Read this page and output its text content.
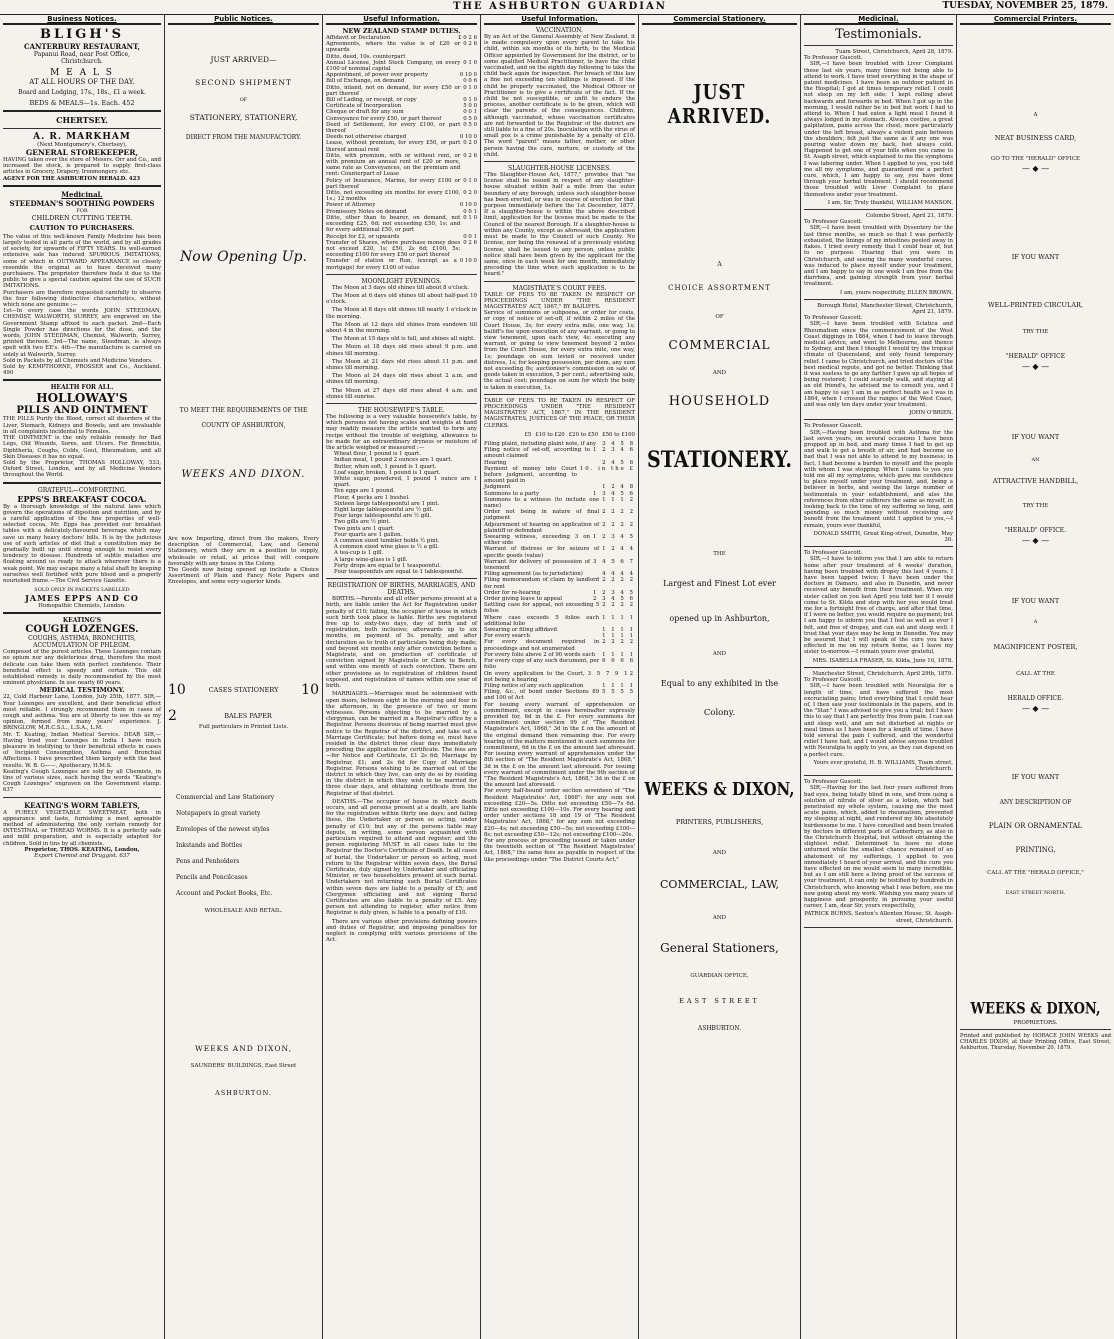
THE ASHBURTON GUARDIAN	TUESDAY, NOVEMBER 25, 1879.
Business Notices.
BLIGH'S
CANTERBURY RESTAURANT,
Papanui Road, near Post Office,
Christchurch.
M E A L S
AT ALL HOURS OF THE DAY.
Board and Lodging, 17s., 18s., £1 a week.
BEDS & MEALS—1s. Each. 452
CHERTSEY.
A. R. MARKHAM
(Next Montgomery's, Chertsey),
GENERAL STOREKEEPER,
HAVING taken over the store of Messrs. Orr and Co., and increased the stock, is prepared to supply first-class articles in Grocery, Drapery, Ironmongery. etc.
AGENT FOR THE ASHBURTON HERALD. 423
Medicinal.
STEEDMAN'S SOOTHING POWDERS
FOR
CHILDREN CUTTING TEETH.
CAUTION TO PURCHASERS.
The value of this well-known Family Medicine has been largely tested in all parts of the world, and by all grades of society, for upwards of FIFTY YEARS. Its well-earned extensive sale has induced SPURIOUS IMITATIONS, some of which in OUTWARD APPEARANCE so closely resemble the original as to have deceived many purchasers. The proprietor therefore feels it due to the public to give a special caution against the use of SUCH IMITATIONS.
Purchasers are therefore requested carefully to observe the four following distinctive characteristics, without which none are genuine :—
1st—In every case the words JOHN STEEDMAN, CHEMIST, WALWORTH, SURREY, are engraved on the Government Stamp affixed to each packet. 2nd—Each Single Powder has directions for the dose, and the words, JOHN STEEDMAN, Chemist, Walworth, Surrey, printed thereon. 3rd—The name, Steedman, is always spelt with two EE's. 4th—The manufacture is carried on solely at Walworth, Surrey.
Sold in Packets by all Chemists and Medicine Vendors.
Sold by KEMPTHORNE, PROSSER and Co., Auckland. 490
HEALTH FOR ALL.
HOLLOWAY'S
PILLS AND OINTMENT
THE PILLS Purify the Blood, correct all disorders of the Liver, Stomach, Kidneys and Bowels, and are invaluable in all complaints incidental to Females.
THE OINTMENT is the only reliable remedy for Bad Legs, Old Wounds, Sores, and Ulcers. For Bronchitis, Diphtheria, Coughs, Colds, Gout, Rheumatism, and all Skin Diseases it has no equal.
Sold by the Proprietor, THOMAS HOLLOWAY, 533, Oxford Street, London, and by all Medicine Vendors throughout the World.
GRATEFUL—COMFORTING.
EPPS'S BREAKFAST COCOA.
By a thorough knowledge of the natural laws which govern the operations of digestion and nutrition, and by a careful application of the fine properties of well-selected cocoa, Mr. Epps has provided our breakfast tables with a delicately-flavoured beverage which may save us many heavy doctors' bills. It is by the judicious use of such articles of diet that a constitution may be gradually built up until strong enough to resist every tendency to disease. Hundreds of subtle maladies are floating around us ready to attack wherever there is a weak point. We may escape many a fatal shaft by keeping ourselves well fortified with pure blood and a properly nourished frame.—The Civil Service Gazette.
SOLD ONLY IN PACKETS LABELLED
JAMES EPPS AND CO
Homopathic Chemists, London.
KEATING'S
COUGH LOZENGES.
COUGHS, ASTHMA, BRONCHITIS, ACCUMULATION OF PHLEGM.
Composed of the purest articles. These Lozenges contain no opium nor any deleterious drug, therefore the most delicate can take them with perfect confidence. Their beneficial effect is speedy and certain. This old established remedy is daily recommended by the most eminent physicians. In use nearly 60 years.
MEDICAL TESTIMONY.
22, Cold Harbour Lane, London, July 25th, 1877. SIR,—Your Lozenges are excellent, and their beneficial effect most reliable. I strongly recommend them in cases of cough and asthma. You are at liberty to use this as my opinion, formed from many years' experience. J. BRINGLOW, M.R.C.S.L., L.S.A., L.M.
Mr. T. Keating, Indian Medical Service. DEAR SIR,—Having tried your Lozenges in India I have much pleasure in testifying to their beneficial effects in cases of Incipient Consumption, Asthma and Bronchial Affections. I have prescribed them largely with the best results. W. B. G——, Apothecary, H.M.S.
Keating's Cough Lozenges are sold by all Chemists, in tins of various sizes, each having the words "Keating's Cough Lozenges" engraven on the Government stamp. 637
KEATING'S WORM TABLETS,
A PURELY VEGETABLE SWEETMEAT, both in appearance and taste, furnishing a most agreeable method of administering the only certain remedy for INTESTINAL or THREAD WORMS. It is a perfectly safe and mild preparation, and is especially adapted for children. Sold in tins by all chemists.
Proprietor, THOS. KEATING, London,
Export Chemist and Druggist. 637
Public Notices.
JUST ARRIVED—
SECOND SHIPMENT
OF
STATIONERY, STATIONERY,
DIRECT FROM THE MANUFACTORY.
Now Opening Up.
TO MEET THE REQUIREMENTS OF THE
COUNTY OF ASHBURTON,
WEEKS AND DIXON.
Are now Importing, direct from the makers, Every description of Commercial, Law, and General Stationery, which they are in a position to supply, wholesale or retail, at prices that will compare favorably with any house in the Colony.
The Goods now being opened up include a Choice Assortment of Plain and Fancy Note Papers and Envelopes, and some very superior kinds.
10	CASES STATIONERY 10
2	BALES PAPER
Full particulars in Printed Lists.
Commercial and Law Stationery
Notepapers in great variety
Envelopes of the newest styles
Inkstands and Bottles
Pens and Penholders
Pencils and Pencilcases
Account and Pocket Books, Etc.
WHOLESALE AND RETAIL.
WEEKS AND DIXON,
SAUNDERS' BUILDINGS, East Street
ASHBURTON.
Useful Information.
NEW ZEALAND STAMP DUTIES.
Affidavit or Declaration	£ 0 2 6
Agreements, where the value is of £20 or upwards
0 2 6
Ditto, deed, 10s. counterpart
Annual License, Joint Stock Company, on every £100 of nominal capital
0 1 0
Appointment, of power over property	0 10 0
Bill of Exchange, on demand	0 0 6
Ditto, inland, not on demand, for every £50 or part thereof
0 1 0
Bill of Lading, or receipt, or copy	0 1 0
Certificate of Incorporation	5 0 0
Cheque or draft for any sum	0 0 1
Conveyance for every £50, or part thereof	0 5 0
Deed of Settlement, for every £100, or part thereof
0 5 0
Deeds not otherwise charged	0 10 0
Lease, without premium, for every £50, or part thereof annual rent
0 2 0
Ditto, with premium, with or without rent, or with premium an annual rent of £20 or more, same rate as Conveyances, on the premium and rent: Counterpart of Lease
0 2 6
Policy of Insurance, Marine, for every £100 or part thereof
0 1 0
Ditto, not exceeding six months for every £100, 1s.; 12 months
0 2 0
Power of Attorney	0 10 0
Promissory Notes on demand	0 0 1
Ditto, other than to bearer, on demand, not exceeding £25, 6d; not exceeding £50, 1s; and for every additional £50, or part
0 1 0
Receipt for £2, or upwards	0 0 1
Transfer of Shares, where purchase money does not exceed £20, 1s; £50, 2s 6d; £100, 5s; exceeding £100 for every £50 or part thereof
0 2 6
Transfer of station or Run, (except as a mortgage) for every £100 of value
0 10 0
MOONLIGHT EVENINGS.

The Moon at 3 days old shines till about 8 o'clock.

The Moon at 6 days old shines till about half-past 10 o'clock.

The Moon at 8 days old shines till nearly 1 o'clock in the morning.

The Moon at 12 days old shines from sundown till about 4 in the morning.

The Moon at 15 days old is full, and shines all night.

The Moon at 18 days old rises about 9 p.m. and shines till morning.

The Moon at 21 days old rises about 11 p.m. and shines till morning.

The Moon at 24 days old rises about 2 a.m. and shines till morning.

The Moon at 27 days old rises about 4 a.m. and shines till sunrise.

THE HOUSEWIFE'S TABLE.
The following is a very valuable housewife's table, by which persons not having scales and weights at hand may readily measure the article wanted to form any recipe without the trouble of weighing, allowance to be made for an extraordinary dryness or moisture of the article weighed or measured :—
Wheat flour, 1 pound is 1 quart.
Indian meal, 1 pound 2 ounces are 1 quart.
Butter, when soft, 1 pound is 1 quart.
Loaf sugar, broken, 1 pound is 1 quart.
White sugar, powdered, 1 pound 1 ounce are 1 quart.
Ten eggs are 1 pound.
Flour, 4 pecks are 1 bushel.
Sixteen large tablespoonful are 1 pint.
Eight large tablespoonful are ½ gill.
Four large tablespoonful are ½ gill.
Two gills are ½ pint.
Two pints are 1 quart.
Four quarts are 1 gallon.
A common sized tumbler holds ½ pint.
A common sized wine glass is ½ a gill.
A tea-cup is 1 gill.
A large wine-glass is 1 gill.
Forty drops are equal to 1 teaspoonful.
Four teaspoonfuls are equal to 1 tablespoonful.
REGISTRATION OF BIRTHS, MARRIAGES, AND DEATHS.

BIRTHS.—Parents and all other persons present at a birth, are liable under the Act for Registration under penalty of £10; failing, the occupier of house in which such birth took place is liable. Births are registered free up to sixty-two days, day of birth and of registration, both inclusive; afterwards up to six months, on payment of 5s. penalty, and after declaration as to truth of particulars being duly made; and beyond six months only after conviction before a Magistrate, and on production of certificate of conviction signed by Magistrate or Clerk to Bench, and within one month of such conviction. There are other provisions as to registration of children found exposed, and registration of names within one year of birth.

MARRIAGES.—Marriages must be solemnised with open doors, between eight in the morning and four in the afternoon, in the presence of two or more witnesses. Persons objecting to be married by a clergyman, can be married in a Registrar's office by a Registrar. Persons desirous of being married must give notice to the Registrar of the district, and take out a Marriage Certificate; but before doing so, must have resided in the district three clear days immediately preceding the application for certificate. The fees are—for Notice and Certificate, £1 2s 6d; Marriage by Registrar, £1; and 2s 6d for Copy of Marriage Registrar. Persons wishing to be married out of the district in which they live, can only do so by residing in the district in which they wish to be married for three clear days, and obtaining certificate from the Registrar of that district.

DEATHS.—The occupier of house in which death occurs, and all persons present at a death, are liable for the registration within thirty one days; and failing these, the Undertaker or person so acting, under penalty of £10; but any of the persons liable may depute, in writing, some person acquainted with particulars required to attend and register; and the person registering MUST in all cases take to the Registrar the Doctor's Certificate of Death. In all cases of burial, the Undertaker or person so acting, must return to the Registrar within seven days, the Burial Certificate, duly signed by Undertaker and officiating Minister, or two householders present at such burial. Undertakers not returning such Burial Certificates within seven days are liable to a penalty of £5; and Clergymen officiating and not signing Burial Certificates are also liable to a penalty of £5. Any person not attending to register, after notice from Registrar is duly given, is liable to a penalty of £10.

There are various other provisions defining powers and duties of Registrar, and imposing penalties for neglect in complying with various provisions of the Act.

Useful Information.
VACCINATION.
By an Act of the General Assembly of New Zealand, it is made compulsory upon every parent to take his child, within six months of its birth, to the Medical Officer appointed by Government for the district, or to some qualified Medical Practitioner, to have the child vaccinated, and on the eighth day following to take the child back again for inspection. For breach of this law a fine not exceeding ten shillings is imposed. If the child be properly vaccinated, the Medical Officer or Practitioner is to give a certificate of the fact. If the child be not susceptible, or unfit to endure the process, another certificate is to be given, which will clear the parents of the consequences. Children, although vaccinated, whose vaccination certificates are not forwarded to the Registrar of the district are still liable to a fine of 20s. Inoculation with the virus of small pox is a crime punishable by a penalty of £10. The word "parent" means father, mother, or other person having the care, nurture, or custody of the child.
SLAUGHTER-HOUSE LICENSES.
"The Slaughter-House Act, 1877," provides that "no license shall be issued in respect of any slaughter-house situated within half a mile from the outer boundary of any borough, unless such slaughter-house has been erected, or was in course of erection for that purpose immediately before the 1st December, 1877. If a slaughter-house is within the above described limit, application for the license must be made to the Council of the nearest Borough. If a slaughter-house is within any County, except as aforesaid, the application must be made to the Council of such County. No license, nor being the renewal of a previously existing license, shall be issued to any person, unless public notice shall have been given by the applicant for the same, once in each week for one month, immediately preceding the time when such application is to be heard."
MAGISTRATE'S COURT FEES.
TABLE OF FEES TO BE TAKEN IN RESPECT OF PROCEEDINGS UNDER "THE RESIDENT MAGISTRATES' ACT, 1867," BY BAILIFFS.
Service of summons or subpoena, or order for costs, or copy of notice of set-off, if within 2 miles of the Court House, 3s; for every extra mile, one way, 1s; bailiff's fee upon execution of any warrant, or going to view tenement, upon each view, 4s; executing any warrant, or going to view tenement beyond 2 miles from the Court House, for every extra mile, one way, 1s; poundage on sum levied or received under distress, 1s; for keeping possession, per diem, any sum not exceeding 8s; auctioneer's commission on sale of goods taken in execution, 5 per cent.; advertising sale, the actual cost; poundage on sum for which the body is taken in execution, 1s.
TABLE OF FEES TO BE TAKEN IN RESPECT OF PROCEEDINGS UNDER "THE RESIDENT MAGISTRATES' ACT, 1867," IN THE RESIDENT MAGISTRATES, JUSTICES OF THE PEACE, OR THEIR CLERKS.
£5 £10 to £20 £20 to £50 £50 to £100
Filing plaint, including plaint note, if any	3 4 5 8
Filing notice of set-off, according to amount claimed
1 2 3 4 6
Hearing	2 4 5 6
Payment of money into Court before judgment, according to amount paid in
10. in the £
Judgment	1 2 4 8
Summons to a party	1 3 4 5 6
Summons to a witness (to include one name)
1 1 1 2
Order not being in nature of final judgment
2 2 2 2
Adjournment of hearing on application of plaintiff or defendant
2 2 2 2
Swearing witness, exceeding 3 on either side
1 2 3 4 5
Warrant of distress or for seizure of specific goods (value)
1 2 4 4
Warrant for delivery of possession of tenement
3 4 5 6 7
Filing agreement (as to jurisdiction)	4 4 4 4
Filing memorandum of claim by landlord for rent
2 2 2 2
Order for re-hearing	1 2 3 4 5
Order giving leave to appeal	2 3 4 5 6
Settling case for appeal, not exceeding 5 folios
2 2 2 2
Where case exceeds 5 folios each additional folio
1 1 1 1
Swearing or filing affidavit	1 1 1 1
For every search	1 1 1 1
For every document required in proceedings and not enumerated
2 2 2 2
For every folio above 2 of 90 words each	1 1 1 1
For every copy of any such document, per folio
6 6 6 6
On every application to the Court, not being a hearing
3 5 7 9 12
Filing notice of any such application	1 1 1 1
Filing, &c., of bond under Sections 89 and 100 of Act
5 5 5 5
For issuing every warrant of apprehension or commitment, except in cases hereinafter expressly provided for, 6d in the £. For every summons for commitment under section 99 of "The Resident Magistrate's Act, 1868," 3d in the £ on the amount of the original demand then remaining due. For every hearing of the matters mentioned in such summons for commitment, 6d in the £ on the amount last aforesaid. For issuing every warrant of apprehension under the 8th section of "The Resident Magistrate's Act, 1868," 3d in the £ on the amount last aforesaid. For issuing every warrant of commitment under the 9th section of "The Resident Magistrate's Act, 1868," 3d in the £ on the amount last aforesaid.
For every half-bound order section seventeen of "The Resident Magistrates' Act, 1868": for any sum not exceeding £20—5s. Ditto not exceeding £50—7s 6d. Ditto not exceeding £100—10s. For every hearing and order under sections 18 and 19 of "The Resident Magistrates' Act, 1868," for any sum not exceeding £20—4s; not exceeding £50—5s; not exceeding £100—8s; not exceeding £50—12s; not exceeding £100—20s.
For any process or proceeding issued or taken under the twentieth section of "The Resident Magistrates' Act, 1868," the same fees as payable in respect of the like proceedings under "The District Courts Act."
Commercial Stationery.
JUST ARRIVED.
A
CHOICE ASSORTMENT
OF
COMMERCIAL
AND
HOUSEHOLD
STATIONERY.
THE
Largest and Finest Lot ever
opened up in Ashburton,
AND
Equal to any exhibited in the
Colony.
WEEKS & DIXON,
PRINTERS, PUBLISHERS,
AND
COMMERCIAL, LAW,
AND
General Stationers,
GUARDIAN OFFICE,
EAST STREET
ASHBURTON.
Medicinal.
Testimonials.
Tuam Street, Christchurch, April 28, 1879.
To Professor Guscott.

SIR,—I have been troubled with Liver Complaint these last six years, many times not being able to attend to work. I have tried everything in the shape of patent medicines. I have been an outdoor patient in the Hospital; I got at times temporary relief. I could not sleep on my left side; I kept rolling about backwards and forwards in bed. When I got up in the morning, I would rather be in bed but work I had to attend to. When I had eaten a light meal I found it always lodged in my stomach. Always costive, a great palpitation, pains across the chest, more particularly under the left breast, always a violent pain between the shoulders, felt just the same as if any one was pouring water down my back, feet always cold. Happened to get one of your bills when you came to St. Asaph street, which explained to me the symptoms I was laboring under. When I applied to you, you told me all my symptoms, and guaranteed me a perfect cure, which, I am happy to say, you have done through your herbal treatment. I should recommend those troubled with Liver Complaint to place themselves under your treatment.

I am, Sir, Truly thankful, WILLIAM MANSON.
Colombo Street, April 21, 1879.
To Professor Guscott.

SIR,—I have been troubled with Dysentery for the last three months, so much so that I was perfectly exhausted, the linings of my intestines peeled away in flakes. I tried every remedy that I could hear of, but to no purpose. Hearing that you were in Christchurch, and seeing the many wonderful cures, was induced to place myself under your treatment, and I am happy to say in one week I am free from the diarrhœa, and gaining strength from your herbal treatment.

I am, yours respectfully, ELLEN BROWN.
Borough Hotel, Manchester Street, Christchurch, April 21, 1879.
To Professor Guscott.

SIR,—I have been troubled with Sciatica and Rheumatism since the commencement of the West Coast diggings in 1864, when I had to leave through medical advice, and went to Melbourne, and thence to Sydney, and then I thought I would try the tropical climate of Queensland, and only found temporary relief. I came to Christchurch, and tried doctors of the best medical repute, and got no better. Thinking that it was useless to go any farther I gave up all hopes of being restored; I could scarcely walk, and staying at an old friend's, he advised me to consult you, and I am happy to say I am in as perfect health as I was in 1864, when I crossed the ranges of the West Coast, and was only ten days under your treatment.

JOHN O'BRIEN.
To Professor Guscott.

SIR,—Having been troubled with Asthma for the last seven years, on several occasions I have been propped up in bed, and many times I had to get up and walk to get a breath of air, and had become so bad that I was not able to attend to my business; in fact, I had become a burden to myself and the people with whom I was stopping. When I came to you you told me all my symptoms, which gave me confidence to place myself under your treatment, and, being a believer in herbs, and seeing the large number of testimonials in your establishment, and also the references from other sufferers the same as myself, in looking back to the time of my suffering so long, and spending so much money without receiving any benefit from the treatment until I applied to you,—I remain, yours ever thankful,

DONALD SMITH, Great King-street, Dunedin, May 30.
To Professor Guscott.

SIR,—I have to inform you that I am able to return home after your treatment of 4 weeks' duration, having been troubled with dropsy this last 4 years. I have been tapped twice; I have been under the doctors in Oamaru, and also in Dunedin, and never received any benefit from their treatment. When my sister called on you last April you told her if I would come to St. Kilda and stop with her you would treat me for a fortnight free of charge, and after that time, if I were no better, you would require no payment; but I am happy to inform you that I feel as well as ever I felt, and free of dropsy, and can eat and sleep well. I trust that your days may be long in Dunedin. You may be assured that I will speak of the cure you have effected in me on my return home, as I leave my sister to-morrow.—I remain yours ever grateful,

MRS. ISABELLA FRASER, St. Kilda, June 10, 1878.
Manchester Street, Christchurch, April 29th, 1879.
To Professor Guscott.

SIR,—I have been troubled with Neuralgia for a length of time, and have suffered the most excruciating pains; tried everything that I could hear of, I then saw your testimonials in the papers, and in the "Star." I was advised to give you a trial; but I have this to say that I am perfectly free from pain. I can eat and sleep well, and am not disturbed at nights or meal times as I have been for a length of time. I have told several the pain I suffered, and the wonderful relief I have had, and I would advise anyone troubled with Neuralgia to apply to you, as they can depend on a perfect cure.

Yours ever grateful, H. B. WILLIAMS, Tuam street, Christchurch.
To Professor Guscott.

SIR,—Having for the last four years suffered from bad eyes, being totally blind in one, and from using a solution of nitrate of silver as a lotion, which had penetrated my whole system, causing me the most acute pains, which, added to rheumatism, prevented my sleeping at night, and rendered my life absolutely burdensome to me. I have consulted and been treated by doctors in different parts of Canterbury, as also in the Christchurch Hospital, but without obtaining the slightest relief. Determined to leave no stone unturned while the smallest chance remained of an abatement of my sufferings, I applied to you immediately I heard of your arrival, and the cure you have effected on me would seem to many incredible, but as I am still here a living proof of the success of your treatment, it can only be testified by hundreds in Christchurch, who knowing what I was before, see me now going about my work. Wishing you many years of happiness and prosperity in pursuing your useful career, I am, dear Sir, yours respectfully,

PATRICK BURNS, Sexton's Allenton House, St. Asaph-street, Christchurch.
Commercial Printers.
A
NEAT BUSINESS CARD,
GO TO THE "HERALD" OFFICE
— ◆ —
IF YOU WANT
WELL-PRINTED CIRCULAR,
TRY THE
"HERALD" OFFICE
— ◆ —
IF YOU WANT
AN
ATTRACTIVE HANDBILL,
TRY THE
"HERALD" OFFICE.
— ◆ —
IF YOU WANT
A
MAGNIFICENT POSTER,
CALL AT THE
HERALD OFFICE.
— ◆ —
IF YOU WANT
ANY DESCRIPTION OF
PLAIN OR ORNAMENTAL
PRINTING,
CALL AT THE "HERALD OFFICE,"
EAST STREET NORTH.
WEEKS & DIXON,
PROPRIETORS.
Printed and published by HORACE JOHN WEEKS and CHARLES DIXON, at their Printing Office, East Street, Ashburton, Thursday, November 20, 1879.
